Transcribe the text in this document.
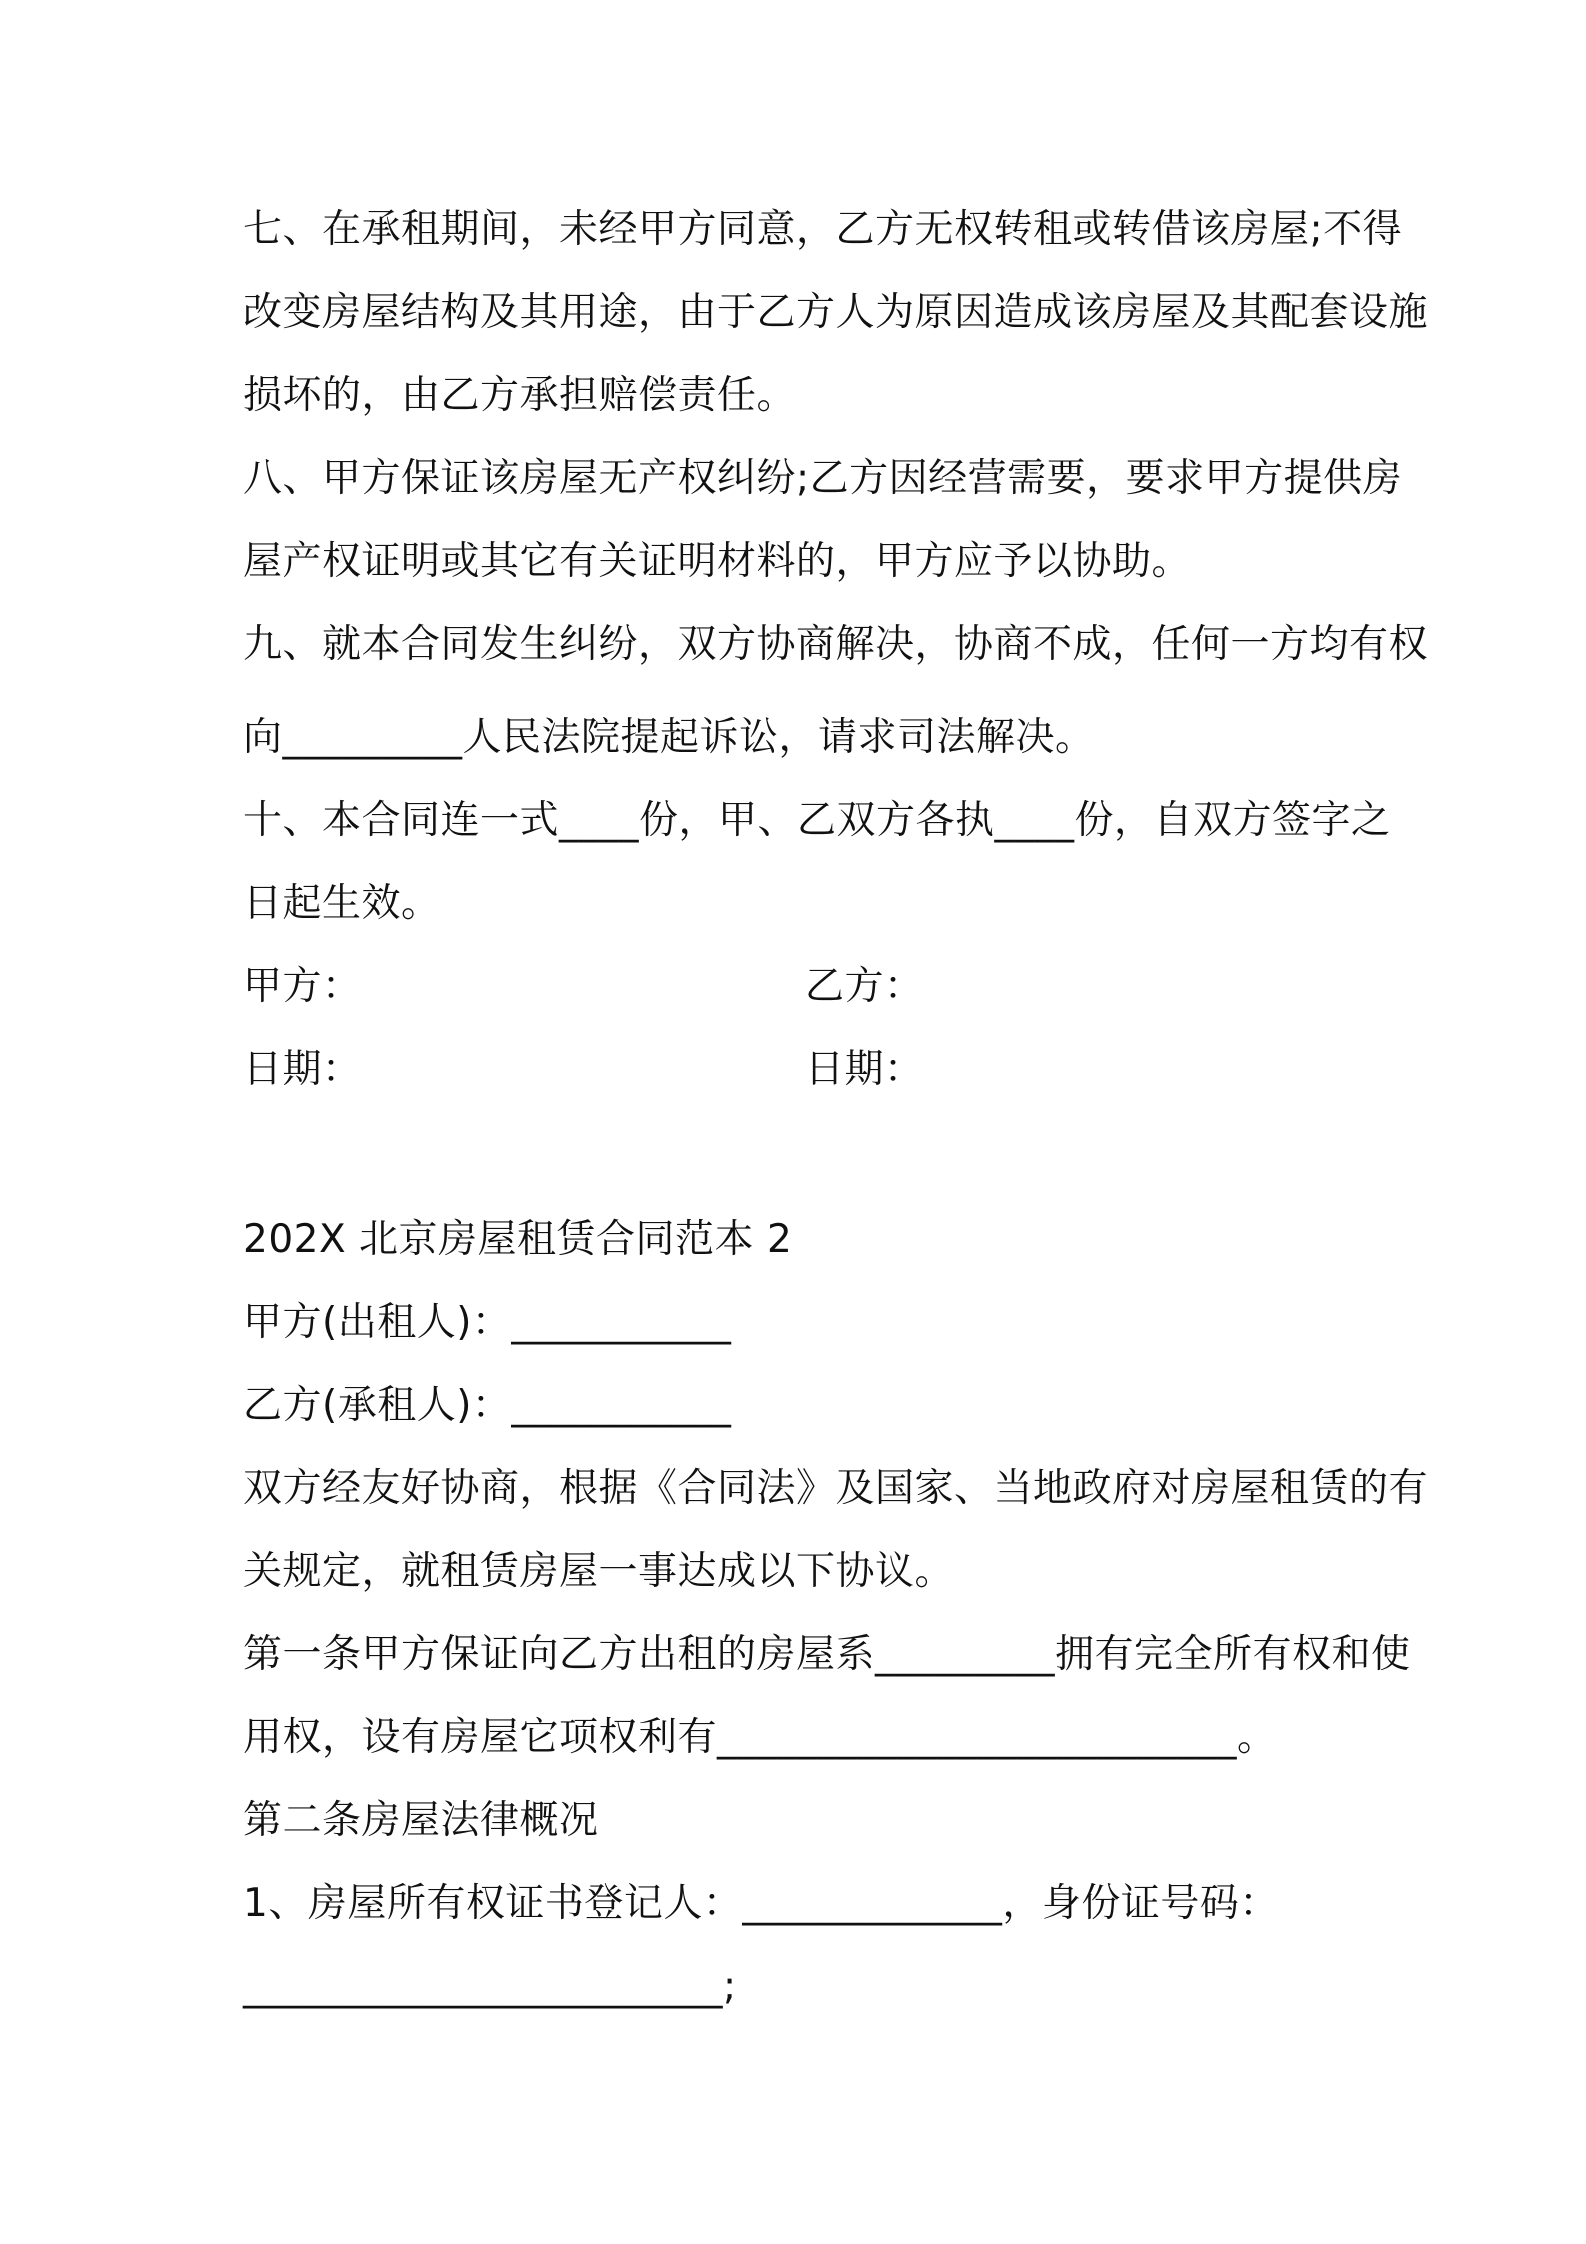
七、在承租期间，未经甲方同意，乙方无权转租或转借该房屋;不得
改变房屋结构及其用途，由于乙方人为原因造成该房屋及其配套设施
损坏的，由乙方承担赔偿责任。
八、甲方保证该房屋无产权纠纷;乙方因经营需要，要求甲方提供房
屋产权证明或其它有关证明材料的，甲方应予以协助。
九、就本合同发生纠纷，双方协商解决，协商不成，任何一方均有权
向_________人民法院提起诉讼，请求司法解决。
十、本合同连一式____份，甲、乙双方各执____份，自双方签字之
日起生效。
甲方：	乙方：
日期：	日期：
202X 北京房屋租赁合同范本 2
甲方(出租人)：___________
乙方(承租人)：___________
双方经友好协商，根据《合同法》及国家、当地政府对房屋租赁的有
关规定，就租赁房屋一事达成以下协议。
第一条甲方保证向乙方出租的房屋系_________拥有完全所有权和使
用权，设有房屋它项权利有__________________________。
第二条房屋法律概况
1、房屋所有权证书登记人：_____________，身份证号码：
________________________;
